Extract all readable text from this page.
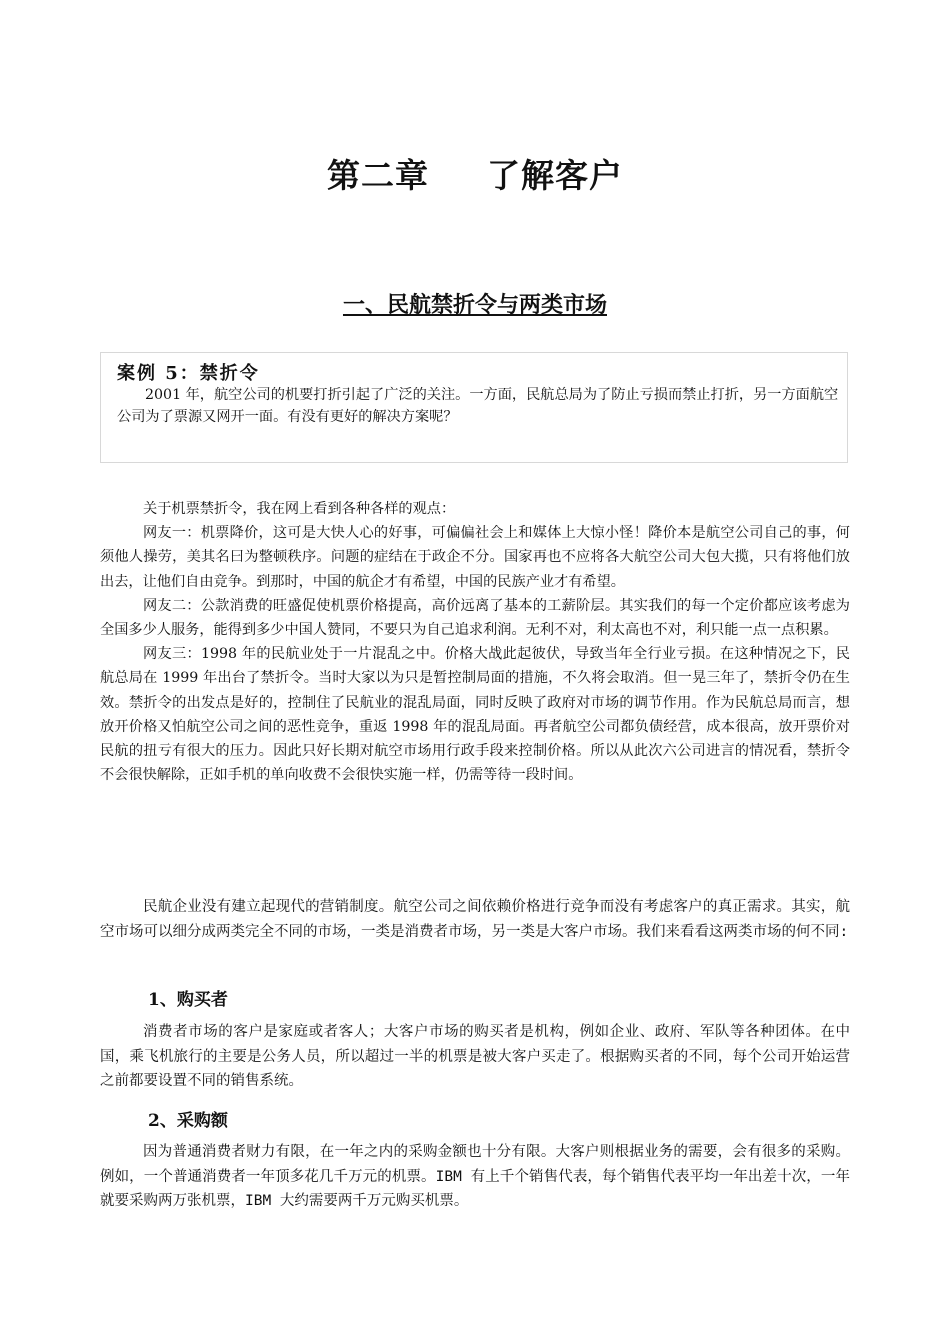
第二章 了解客户
一、民航禁折令与两类市场
案例 5：禁折令

2001 年，航空公司的机要打折引起了广泛的关注。一方面，民航总局为了防止亏损而禁止打折，另一方面航空公司为了票源又网开一面。有没有更好的解决方案呢？

关于机票禁折令，我在网上看到各种各样的观点：

网友一：机票降价，这可是大快人心的好事，可偏偏社会上和媒体上大惊小怪！降价本是航空公司自己的事，何须他人操劳，美其名曰为整顿秩序。问题的症结在于政企不分。国家再也不应将各大航空公司大包大揽，只有将他们放出去，让他们自由竞争。到那时，中国的航企才有希望，中国的民族产业才有希望。

网友二：公款消费的旺盛促使机票价格提高，高价远离了基本的工薪阶层。其实我们的每一个定价都应该考虑为全国多少人服务，能得到多少中国人赞同，不要只为自己追求利润。无利不对，利太高也不对，利只能一点一点积累。

网友三：1998 年的民航业处于一片混乱之中。价格大战此起彼伏，导致当年全行业亏损。在这种情况之下，民航总局在 1999 年出台了禁折令。当时大家以为只是暂控制局面的措施，不久将会取消。但一晃三年了，禁折令仍在生效。禁折令的出发点是好的，控制住了民航业的混乱局面，同时反映了政府对市场的调节作用。作为民航总局而言，想放开价格又怕航空公司之间的恶性竞争，重返 1998 年的混乱局面。再者航空公司都负债经营，成本很高，放开票价对民航的扭亏有很大的压力。因此只好长期对航空市场用行政手段来控制价格。所以从此次六公司进言的情况看，禁折令不会很快解除，正如手机的单向收费不会很快实施一样，仍需等待一段时间。

民航企业没有建立起现代的营销制度。航空公司之间依赖价格进行竞争而没有考虑客户的真正需求。其实，航空市场可以细分成两类完全不同的市场，一类是消费者市场，另一类是大客户市场。我们来看看这两类市场的何不同:

1、购买者

消费者市场的客户是家庭或者客人；大客户市场的购买者是机构，例如企业、政府、军队等各种团体。在中国，乘飞机旅行的主要是公务人员，所以超过一半的机票是被大客户买走了。根据购买者的不同，每个公司开始运营之前都要设置不同的销售系统。

2、采购额

因为普通消费者财力有限，在一年之内的采购金额也十分有限。大客户则根据业务的需要，会有很多的采购。例如，一个普通消费者一年顶多花几千万元的机票。IBM 有上千个销售代表，每个销售代表平均一年出差十次，一年就要采购两万张机票，IBM 大约需要两千万元购买机票。
